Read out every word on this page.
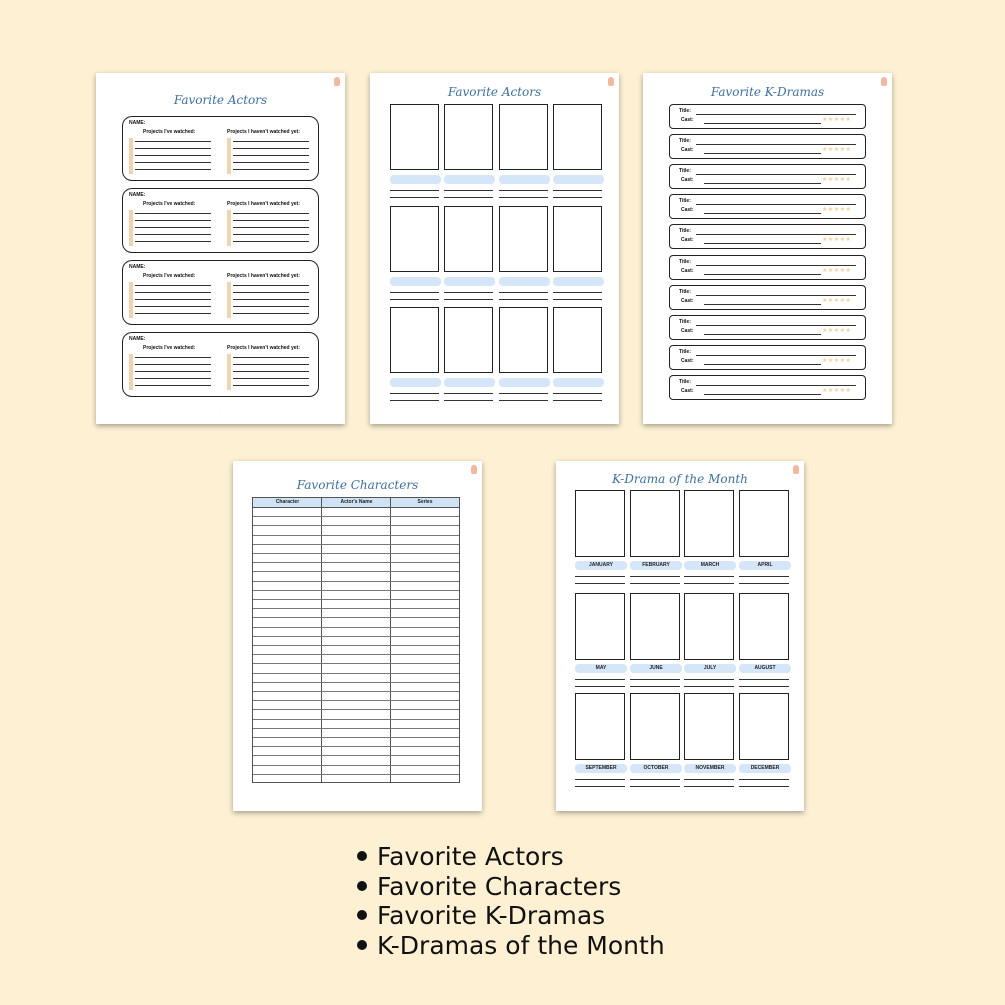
Favorite Actors
NAME:
Projects I've watched:	Projects I haven't watched yet:
NAME:
Projects I've watched:	Projects I haven't watched yet:
NAME:
Projects I've watched:	Projects I haven't watched yet:
NAME:
Projects I've watched:	Projects I haven't watched yet:
·
Favorite Actors	Favorite K-Dramas
Title:
Cast:	★★★★★
Title:
Cast:	★★★★★
Title:
Cast:	★★★★★
Title:
Cast:	★★★★★
Title:
Cast:	★★★★★
Title:
Cast:	★★★★★
Title:
Cast:	★★★★★
Title:
Cast:	★★★★★
Title:
Cast:	★★★★★
Title:
Cast:	★★★★★
Favorite Characters
Character	Actor's Name	Series
K-Drama of the Month
JANUARY	FEBRUARY	MARCH	APRIL
MAY	JUNE	JULY	AUGUST
SEPTEMBER	OCTOBER	NOVEMBER	DECEMBER
Favorite Actors
Favorite Characters
Favorite K-Dramas
K-Dramas of the Month
